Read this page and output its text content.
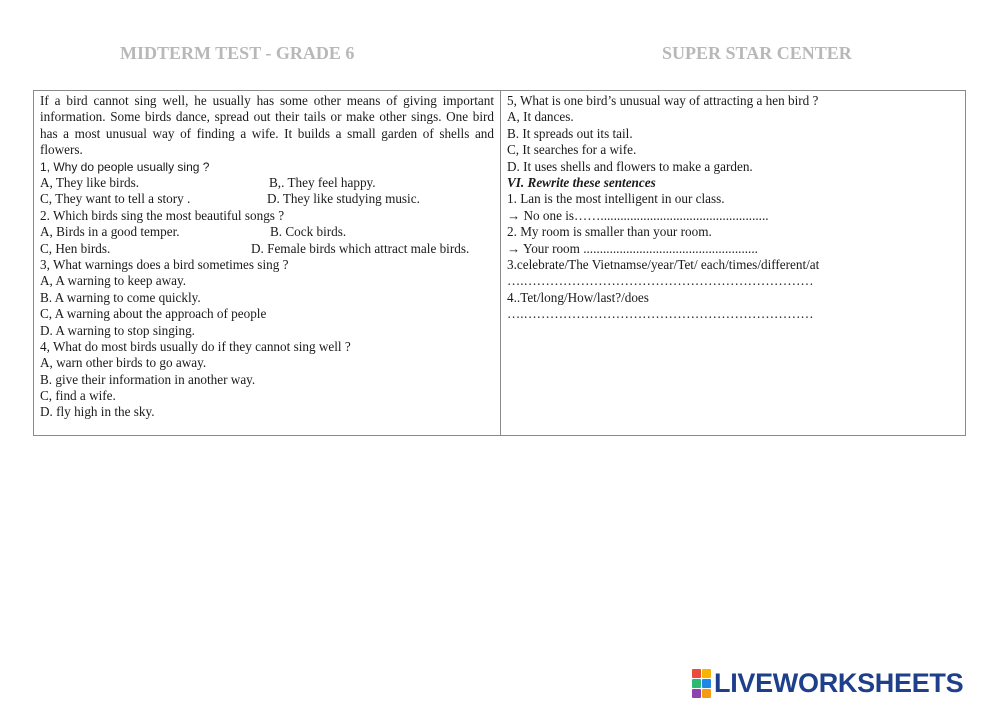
MIDTERM TEST - GRADE 6	SUPER STAR CENTER
If a bird cannot sing well, he usually has some other means of giving important information. Some birds dance, spread out their tails or make other sings. One bird has a most unusual way of finding a wife. It builds a small garden of shells and flowers.
1, Why do people usually sing ?
A, They like birds.	B,. They feel happy.
C, They want to tell a story .	D. They like studying music.
2. Which birds sing the most beautiful songs ?
A, Birds in a good temper.	B. Cock birds.
C, Hen birds.	D. Female birds which attract male birds.
3, What warnings does a bird sometimes sing ?
A, A warning to keep away.
B. A warning to come quickly.
C, A warning about the approach of people
D. A warning to stop singing.
4, What do most birds usually do if they cannot sing well ?
A, warn other birds to go away.
B. give their information in another way.
C, find a wife.
D. fly high in the sky.
5, What is one bird’s unusual way of attracting a hen bird ?
A, It dances.
B. It spreads out its tail.
C, It searches for a wife.
D. It uses shells and flowers to make a garden.
VI. Rewrite these sentences
1. Lan is the most intelligent in our class.
→ No one is……...................................................
2. My room is smaller than your room.
→ Your room .....................................................
3.celebrate/The Vietnamse/year/Tet/ each/times/different/at
….…………………………………………………………
4..Tet/long/How/last?/does
….…………………………………………………………
LIVEWORKSHEETS
